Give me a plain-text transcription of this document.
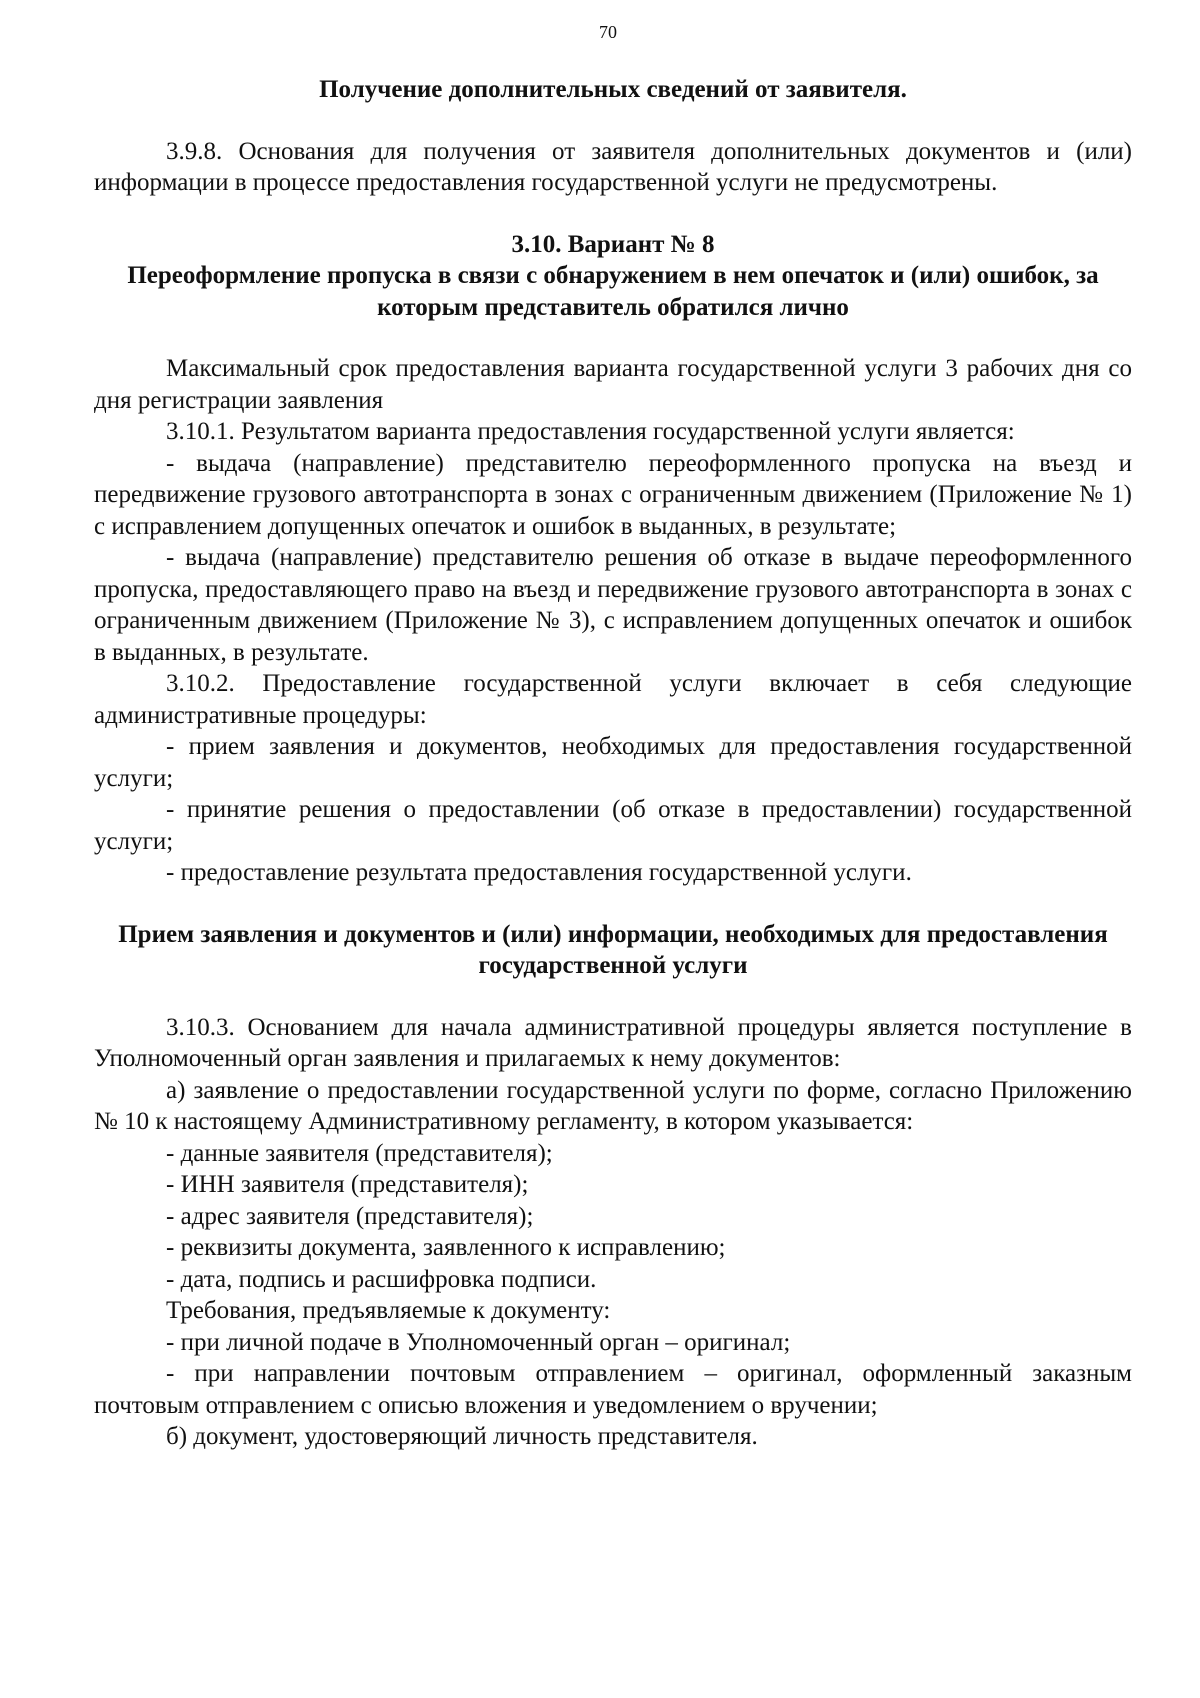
70
Получение дополнительных сведений от заявителя.

3.9.8. Основания для получения от заявителя дополнительных документов и (или) информации в процессе предоставления государственной услуги не предусмотрены.

3.10. Вариант № 8
Переоформление пропуска в связи с обнаружением в нем опечаток и (или) ошибок, за которым представитель обратился лично

Максимальный срок предоставления варианта государственной услуги 3 рабочих дня со дня регистрации заявления

3.10.1. Результатом варианта предоставления государственной услуги является:

- выдача (направление) представителю переоформленного пропуска на въезд и передвижение грузового автотранспорта в зонах с ограниченным движением (Приложение № 1) с исправлением допущенных опечаток и ошибок в выданных, в результате;

- выдача (направление) представителю решения об отказе в выдаче переоформленного пропуска, предоставляющего право на въезд и передвижение грузового автотранспорта в зонах с ограниченным движением (Приложение № 3), с исправлением допущенных опечаток и ошибок в выданных, в результате.

3.10.2. Предоставление государственной услуги включает в себя следующие административные процедуры:

- прием заявления и документов, необходимых для предоставления государственной услуги;

- принятие решения о предоставлении (об отказе в предоставлении) государственной услуги;

- предоставление результата предоставления государственной услуги.

Прием заявления и документов и (или) информации, необходимых для предоставления государственной услуги

3.10.3. Основанием для начала административной процедуры является поступление в Уполномоченный орган заявления и прилагаемых к нему документов:

а) заявление о предоставлении государственной услуги по форме, согласно Приложению № 10 к настоящему Административному регламенту, в котором указывается:

- данные заявителя (представителя);

- ИНН заявителя (представителя);

- адрес заявителя (представителя);

- реквизиты документа, заявленного к исправлению;

- дата, подпись и расшифровка подписи.

Требования, предъявляемые к документу:

- при личной подаче в Уполномоченный орган – оригинал;

- при направлении почтовым отправлением – оригинал, оформленный заказным почтовым отправлением с описью вложения и уведомлением о вручении;

б) документ, удостоверяющий личность представителя.
